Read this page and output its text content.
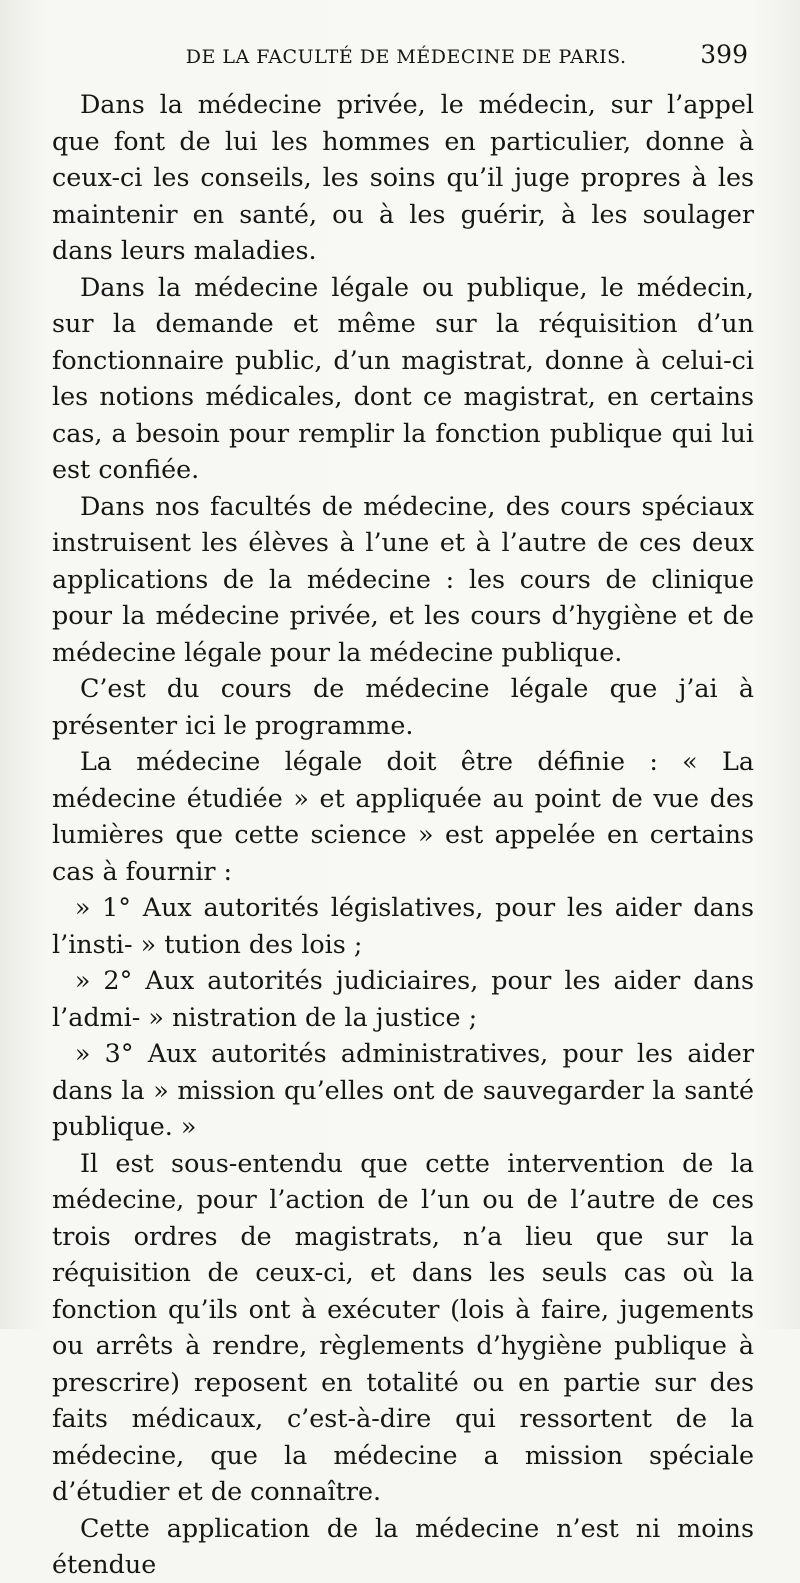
DE LA FACULTÉ DE MÉDECINE DE PARIS.	399

Dans la médecine privée, le médecin, sur l’appel que font de lui les hommes en particulier, donne à ceux-ci les conseils, les soins qu’il juge propres à les maintenir en santé, ou à les guérir, à les soulager dans leurs maladies.

Dans la médecine légale ou publique, le médecin, sur la demande et même sur la réquisition d’un fonctionnaire public, d’un magistrat, donne à celui-ci les notions médicales, dont ce magistrat, en certains cas, a besoin pour remplir la fonction publique qui lui est confiée.

Dans nos facultés de médecine, des cours spéciaux instruisent les élèves à l’une et à l’autre de ces deux applications de la médecine : les cours de clinique pour la médecine privée, et les cours d’hygiène et de médecine légale pour la médecine publique.

C’est du cours de médecine légale que j’ai à présenter ici le programme.

La médecine légale doit être définie : « La médecine étudiée » et appliquée au point de vue des lumières que cette science » est appelée en certains cas à fournir :

» 1° Aux autorités législatives, pour les aider dans l’insti- » tution des lois ;

» 2° Aux autorités judiciaires, pour les aider dans l’admi- » nistration de la justice ;

» 3° Aux autorités administratives, pour les aider dans la » mission qu’elles ont de sauvegarder la santé publique. »

Il est sous-entendu que cette intervention de la médecine, pour l’action de l’un ou de l’autre de ces trois ordres de magistrats, n’a lieu que sur la réquisition de ceux-ci, et dans les seuls cas où la fonction qu’ils ont à exécuter (lois à faire, jugements ou arrêts à rendre, règlements d’hygiène publique à prescrire) reposent en totalité ou en partie sur des faits médicaux, c’est-à-dire qui ressortent de la médecine, que la médecine a mission spéciale d’étudier et de connaître.

Cette application de la médecine n’est ni moins étendue
